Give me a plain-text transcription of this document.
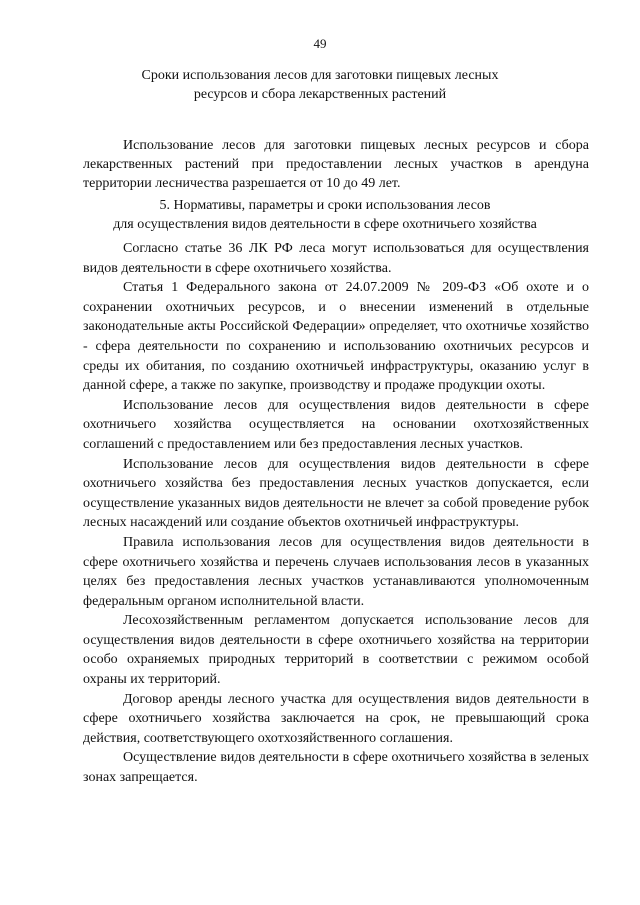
49
Сроки использования лесов для заготовки пищевых лесных
ресурсов и сбора лекарственных растений

Использование лесов для заготовки пищевых лесных ресурсов и сбора лекарственных растений при предоставлении лесных участков в арендуна территории лесничества разрешается от 10 до 49 лет.

5. Нормативы, параметры и сроки использования лесов
для осуществления видов деятельности в сфере охотничьего хозяйства

Согласно статье 36 ЛК РФ леса могут использоваться для осуществления видов деятельности в сфере охотничьего хозяйства.

Статья 1 Федерального закона от 24.07.2009 № 209-ФЗ «Об охоте и о сохранении охотничьих ресурсов, и о внесении изменений в отдельные законодательные акты Российской Федерации» определяет, что охотничье хозяйство - сфера деятельности по сохранению и использованию охотничьих ресурсов и среды их обитания, по созданию охотничьей инфраструктуры, оказанию услуг в данной сфере, а также по закупке, производству и продаже продукции охоты.

Использование лесов для осуществления видов деятельности в сфере охотничьего хозяйства осуществляется на основании охотхозяйственных соглашений с предоставлением или без предоставления лесных участков.

Использование лесов для осуществления видов деятельности в сфере охотничьего хозяйства без предоставления лесных участков допускается, если осуществление указанных видов деятельности не влечет за собой проведение рубок лесных насаждений или создание объектов охотничьей инфраструктуры.

Правила использования лесов для осуществления видов деятельности в сфере охотничьего хозяйства и перечень случаев использования лесов в указанных целях без предоставления лесных участков устанавливаются уполномоченным федеральным органом исполнительной власти.

Лесохозяйственным регламентом допускается использование лесов для осуществления видов деятельности в сфере охотничьего хозяйства на территории особо охраняемых природных территорий в соответствии с режимом особой охраны их территорий.

Договор аренды лесного участка для осуществления видов деятельности в сфере охотничьего хозяйства заключается на срок, не превышающий срока действия, соответствующего охотхозяйственного соглашения.

Осуществление видов деятельности в сфере охотничьего хозяйства в зеленых зонах запрещается.
